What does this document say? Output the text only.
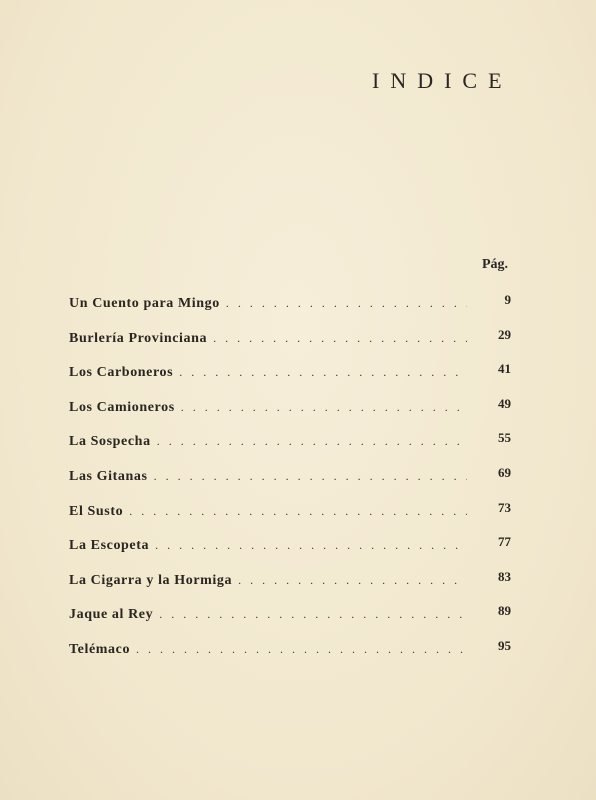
INDICE
Pág.
Un Cuento para Mingo . . .	9
Burlería Provinciana . . .	29
Los Carboneros . . .	41
Los Camioneros . . .	49
La Sospecha . . .	55
Las Gitanas . . .	69
El Susto . . .	73
La Escopeta . . .	77
La Cigarra y la Hormiga . . .	83
Jaque al Rey . . .	89
Telémaco . . .	95
